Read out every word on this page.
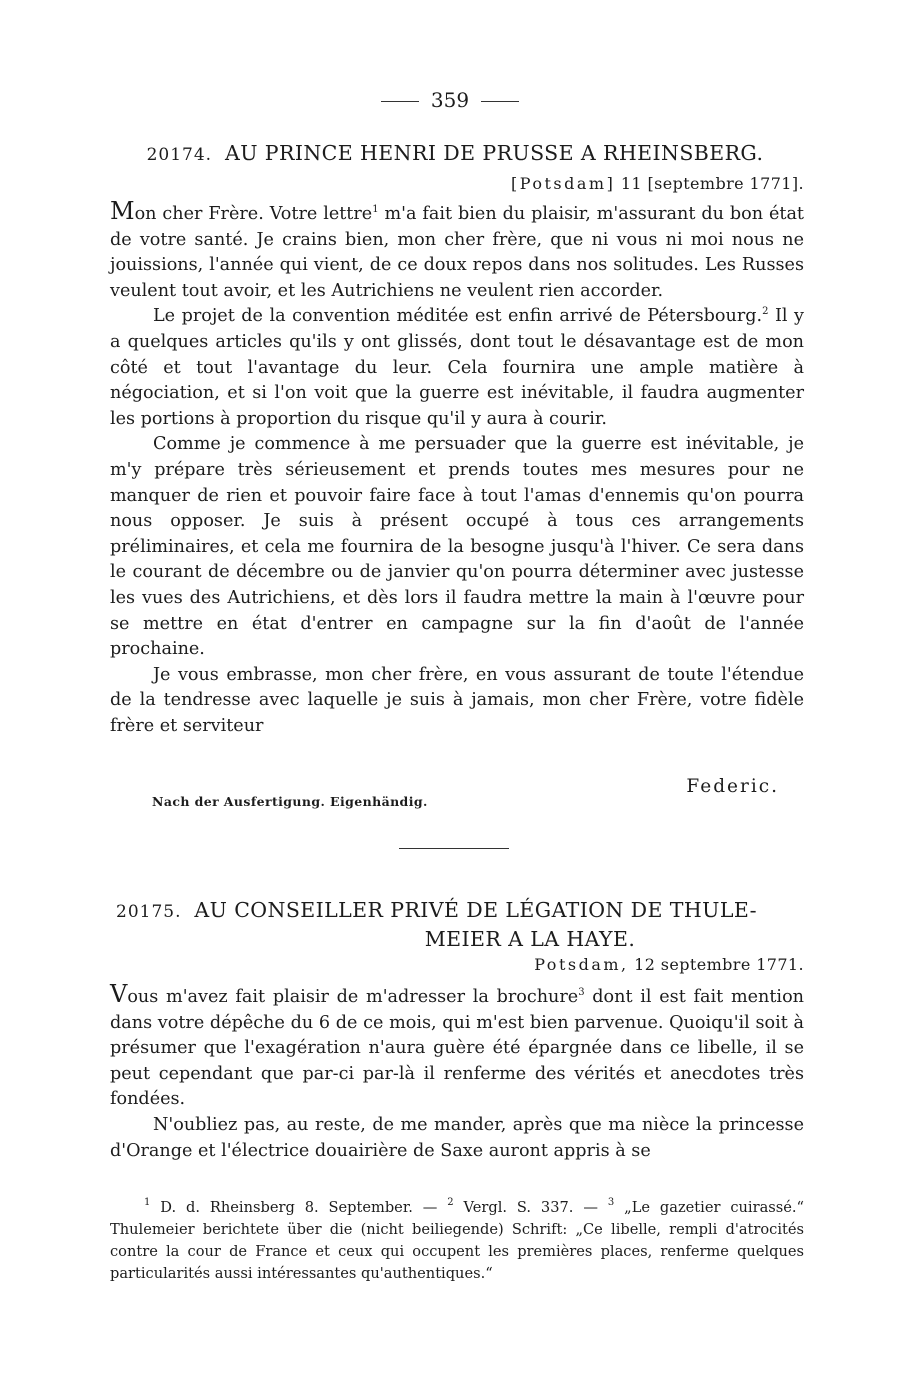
359
20174. AU PRINCE HENRI DE PRUSSE A RHEINSBERG.
[Potsdam] 11 [septembre 1771].

Mon cher Frère. Votre lettre$^1$ m'a fait bien du plaisir, m'assurant du bon état de votre santé. Je crains bien, mon cher frère, que ni vous ni moi nous ne jouissions, l'année qui vient, de ce doux repos dans nos solitudes. Les Russes veulent tout avoir, et les Autrichiens ne veulent rien accorder.

Le projet de la convention méditée est enfin arrivé de Pétersbourg.$^2$ Il y a quelques articles qu'ils y ont glissés, dont tout le désavantage est de mon côté et tout l'avantage du leur. Cela fournira une ample matière à négociation, et si l'on voit que la guerre est inévitable, il faudra augmenter les portions à proportion du risque qu'il y aura à courir.

Comme je commence à me persuader que la guerre est inévitable, je m'y prépare très sérieusement et prends toutes mes mesures pour ne manquer de rien et pouvoir faire face à tout l'amas d'ennemis qu'on pourra nous opposer. Je suis à présent occupé à tous ces arrangements préliminaires, et cela me fournira de la besogne jusqu'à l'hiver. Ce sera dans le courant de décembre ou de janvier qu'on pourra déterminer avec justesse les vues des Autrichiens, et dès lors il faudra mettre la main à l'œuvre pour se mettre en état d'entrer en campagne sur la fin d'août de l'année prochaine.

Je vous embrasse, mon cher frère, en vous assurant de toute l'étendue de la tendresse avec laquelle je suis à jamais, mon cher Frère, votre fidèle frère et serviteur

Federic.
Nach der Ausfertigung. Eigenhändig.
20175. AU CONSEILLER PRIVÉ DE LÉGATION DE THULE-
MEIER A LA HAYE.
Potsdam, 12 septembre 1771.

Vous m'avez fait plaisir de m'adresser la brochure$^3$ dont il est fait mention dans votre dépêche du 6 de ce mois, qui m'est bien parvenue. Quoiqu'il soit à présumer que l'exagération n'aura guère été épargnée dans ce libelle, il se peut cependant que par-ci par-là il renferme des vérités et anecdotes très fondées.

N'oubliez pas, au reste, de me mander, après que ma nièce la princesse d'Orange et l'électrice douairière de Saxe auront appris à se

$^1$ D. d. Rheinsberg 8. September. — $^2$ Vergl. S. 337. — $^3$ „Le gazetier cuirassé.“ Thulemeier berichtete über die (nicht beiliegende) Schrift: „Ce libelle, rempli d'atrocités contre la cour de France et ceux qui occupent les premières places, renferme quelques particularités aussi intéressantes qu'authentiques.“
